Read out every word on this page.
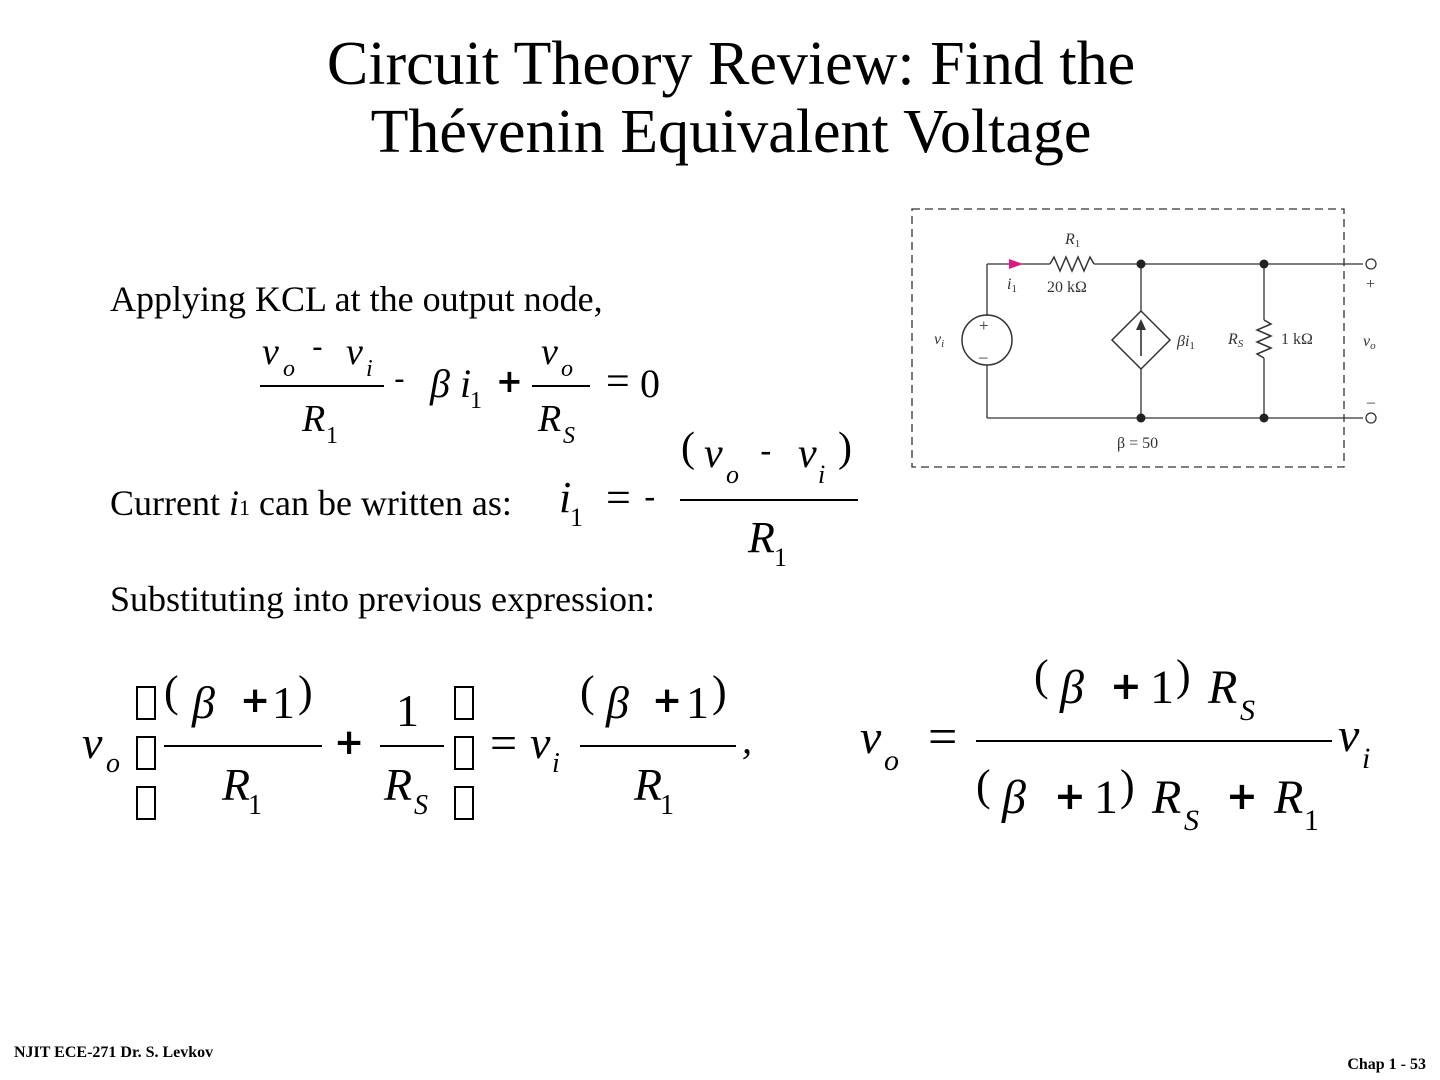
Circuit Theory Review: Find the
Thévenin Equivalent Voltage
Applying KCL at the output node,
Current i1 can be written as:
Substituting into previous expression:
v o
- v i
R 1
- β i
1
+
v o
R S
= 0
i
1 = -
( v o
- v i
)
R 1
v o
( β + 1 )
R
1
+
1
R S
= v i
( β + 1 )
R
1
, v o =
( β + 1 ) R S v i
( β + 1 ) R S
+ R 1
R1
20 kΩ
i1
+
–
vi	βi1 RS 1 kΩ
+
vo
–
β = 50
NJIT ECE-271 Dr. S. Levkov
Chap 1 - 53
